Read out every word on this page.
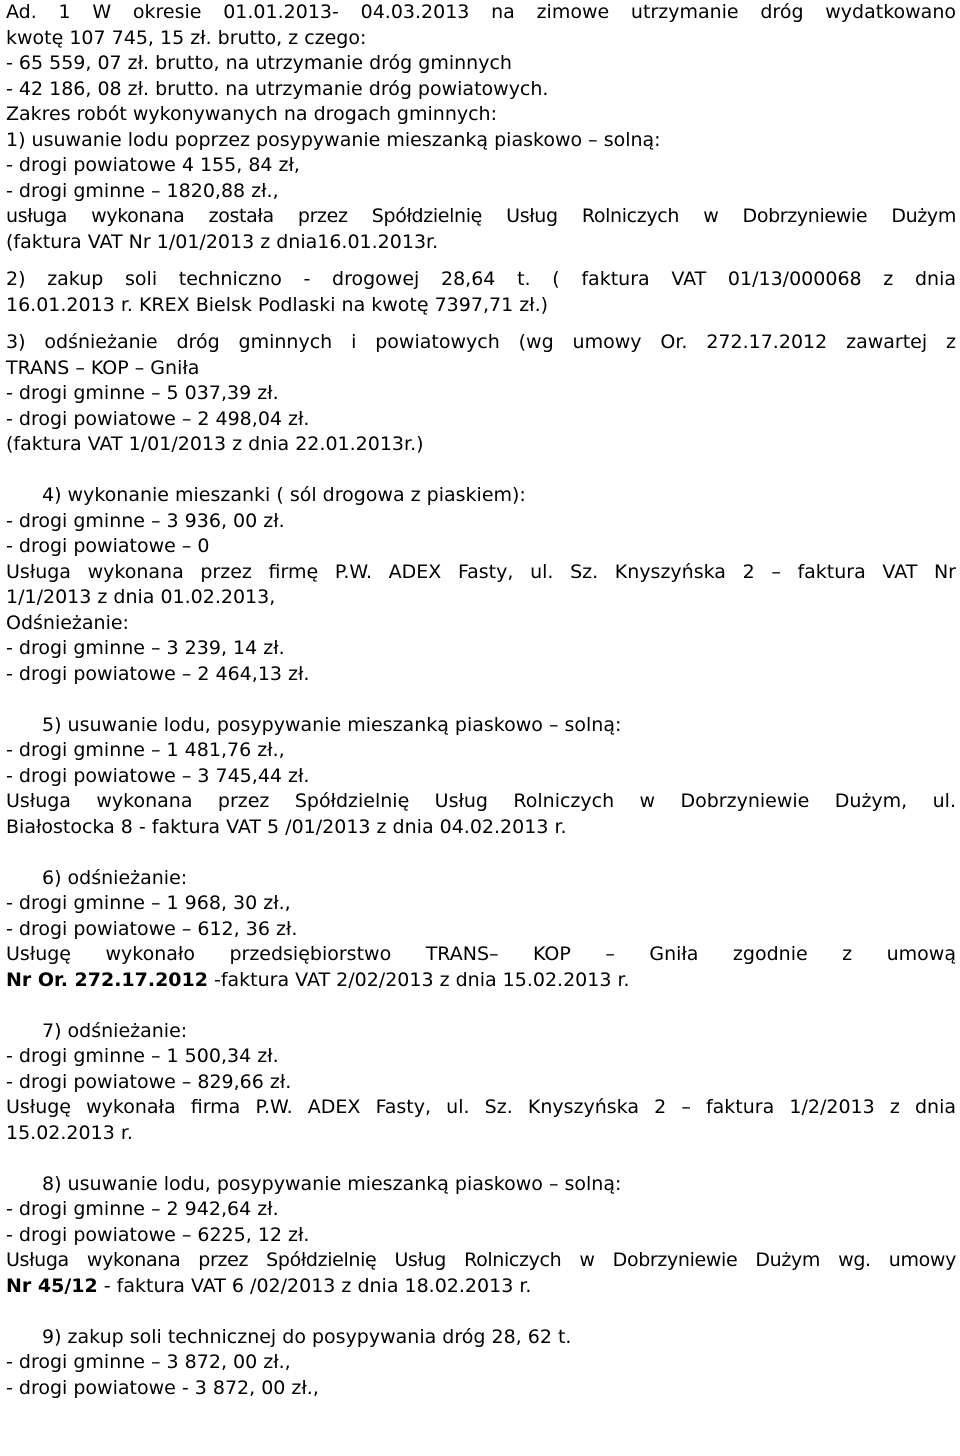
Ad. 1 W okresie 01.01.2013- 04.03.2013 na zimowe utrzymanie dróg wydatkowano
kwotę 107 745, 15 zł. brutto, z czego:
- 65 559, 07 zł. brutto, na utrzymanie dróg gminnych
- 42 186, 08 zł. brutto. na utrzymanie dróg powiatowych.
Zakres robót wykonywanych na drogach gminnych:
1) usuwanie lodu poprzez posypywanie mieszanką piaskowo – solną:
- drogi powiatowe 4 155, 84 zł,
- drogi gminne – 1820,88 zł.,
usługa wykonana została przez Spółdzielnię Usług Rolniczych w Dobrzyniewie Dużym
(faktura VAT Nr 1/01/2013 z dnia16.01.2013r.
2) zakup soli techniczno - drogowej 28,64 t. ( faktura VAT 01/13/000068 z dnia
16.01.2013 r. KREX Bielsk Podlaski na kwotę 7397,71 zł.)
3) odśnieżanie dróg gminnych i powiatowych (wg umowy Or. 272.17.2012 zawartej z
TRANS – KOP – Gniła
- drogi gminne – 5 037,39 zł.
- drogi powiatowe – 2 498,04 zł.
(faktura VAT 1/01/2013 z dnia 22.01.2013r.)
4) wykonanie mieszanki ( sól drogowa z piaskiem):
- drogi gminne – 3 936, 00 zł.
- drogi powiatowe – 0
Usługa wykonana przez firmę P.W. ADEX Fasty, ul. Sz. Knyszyńska 2 – faktura VAT Nr
1/1/2013 z dnia 01.02.2013,
Odśnieżanie:
- drogi gminne – 3 239, 14 zł.
- drogi powiatowe – 2 464,13 zł.
5) usuwanie lodu, posypywanie mieszanką piaskowo – solną:
- drogi gminne – 1 481,76 zł.,
- drogi powiatowe – 3 745,44 zł.
Usługa wykonana przez Spółdzielnię Usług Rolniczych w Dobrzyniewie Dużym, ul.
Białostocka 8 - faktura VAT 5 /01/2013 z dnia 04.02.2013 r.
6) odśnieżanie:
- drogi gminne – 1 968, 30 zł.,
- drogi powiatowe – 612, 36 zł.
Usługę wykonało przedsiębiorstwo TRANS– KOP – Gniła zgodnie z umową
Nr Or. 272.17.2012 -faktura VAT 2/02/2013 z dnia 15.02.2013 r.
7) odśnieżanie:
- drogi gminne – 1 500,34 zł.
- drogi powiatowe – 829,66 zł.
Usługę wykonała firma P.W. ADEX Fasty, ul. Sz. Knyszyńska 2 – faktura 1/2/2013 z dnia
15.02.2013 r.
8) usuwanie lodu, posypywanie mieszanką piaskowo – solną:
- drogi gminne – 2 942,64 zł.
- drogi powiatowe – 6225, 12 zł.
Usługa wykonana przez Spółdzielnię Usług Rolniczych w Dobrzyniewie Dużym wg. umowy
Nr 45/12 - faktura VAT 6 /02/2013 z dnia 18.02.2013 r.
9) zakup soli technicznej do posypywania dróg 28, 62 t.
- drogi gminne – 3 872, 00 zł.,
- drogi powiatowe - 3 872, 00 zł.,
